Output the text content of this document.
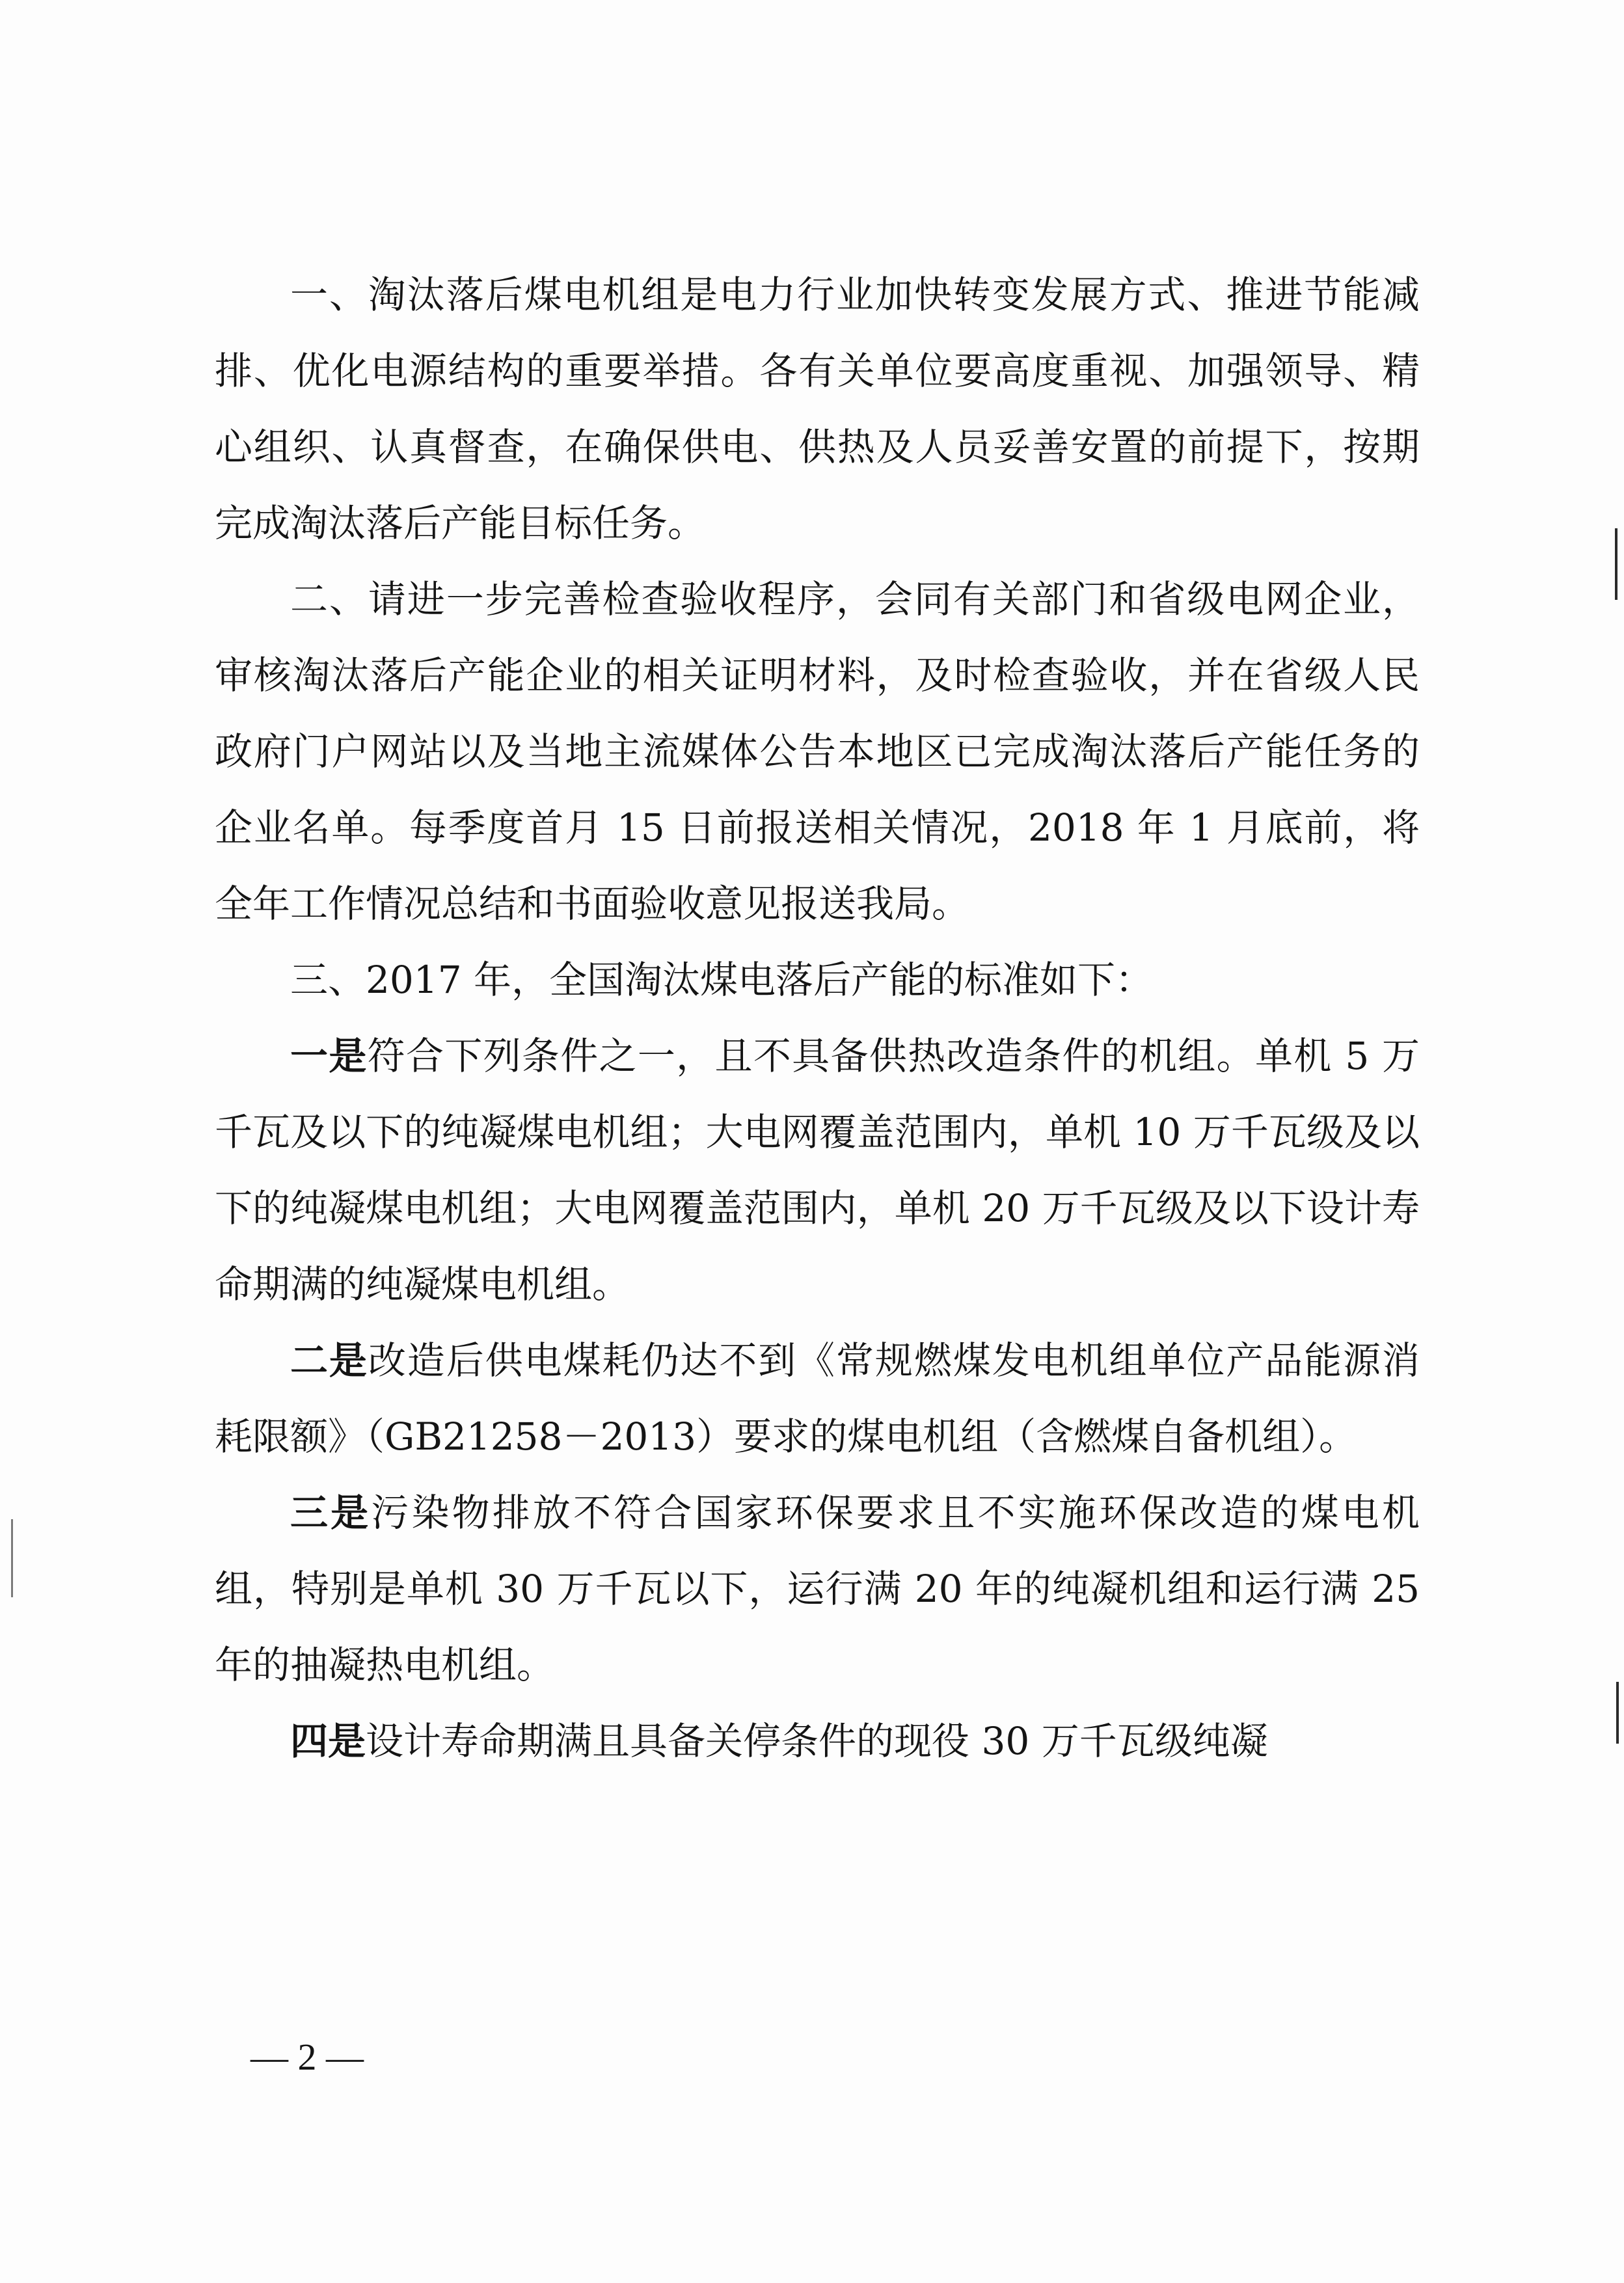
一、淘汰落后煤电机组是电力行业加快转变发展方式、推进节能减排、优化电源结构的重要举措。各有关单位要高度重视、加强领导、精心组织、认真督查，在确保供电、供热及人员妥善安置的前提下，按期完成淘汰落后产能目标任务。

二、请进一步完善检查验收程序，会同有关部门和省级电网企业，审核淘汰落后产能企业的相关证明材料，及时检查验收，并在省级人民政府门户网站以及当地主流媒体公告本地区已完成淘汰落后产能任务的企业名单。每季度首月 15 日前报送相关情况，2018 年 1 月底前，将全年工作情况总结和书面验收意见报送我局。

三、2017 年，全国淘汰煤电落后产能的标准如下：

一是符合下列条件之一，且不具备供热改造条件的机组。单机 5 万千瓦及以下的纯凝煤电机组；大电网覆盖范围内，单机 10 万千瓦级及以下的纯凝煤电机组；大电网覆盖范围内，单机 20 万千瓦级及以下设计寿命期满的纯凝煤电机组。

二是改造后供电煤耗仍达不到《常规燃煤发电机组单位产品能源消耗限额》（GB21258－2013）要求的煤电机组（含燃煤自备机组）。

三是污染物排放不符合国家环保要求且不实施环保改造的煤电机组，特别是单机 30 万千瓦以下，运行满 20 年的纯凝机组和运行满 25 年的抽凝热电机组。

四是设计寿命期满且具备关停条件的现役 30 万千瓦级纯凝

— 2 —
